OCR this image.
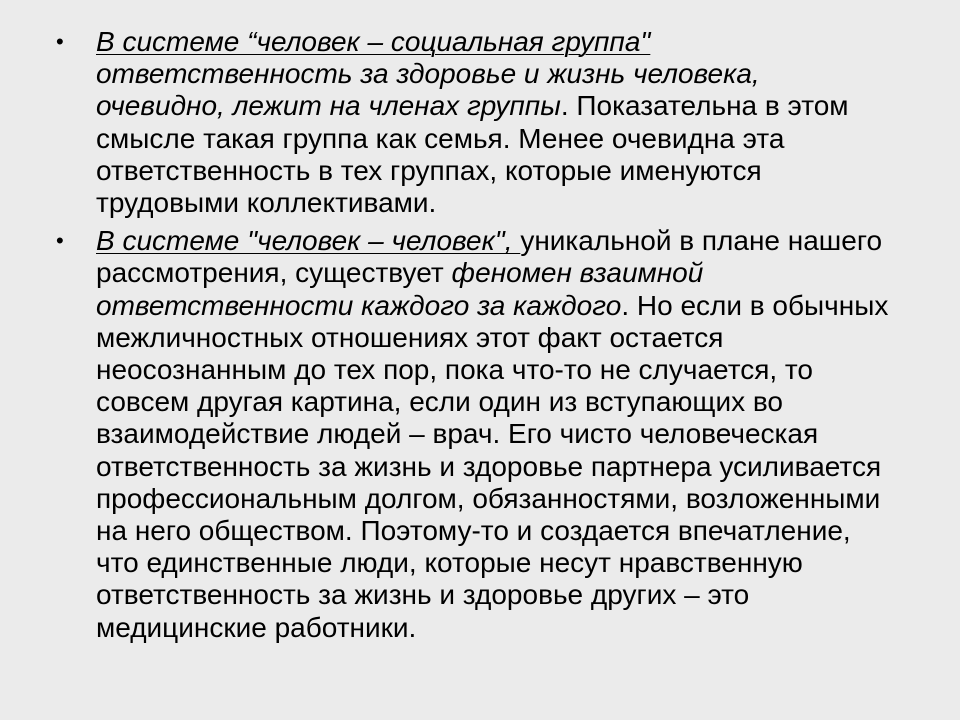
• В системе “человек – социальная группа" ответственность за здоровье и жизнь человека, очевидно, лежит на членах группы. Показательна в этом смысле такая группа как семья. Менее очевидна эта ответственность в тех группах, которые именуются трудовыми коллективами.
• В системе "человек – человек", уникальной в плане нашего рассмотрения, существует феномен взаимной ответственности каждого за каждого. Но если в обычных межличностных отношениях этот факт остается неосознанным до тех пор, пока что-то не случается, то совсем другая картина, если один из вступающих во взаимодействие людей – врач. Его чисто человеческая ответственность за жизнь и здоровье партнера усиливается профессиональным долгом, обязанностями, возложенными на него обществом. Поэтому-то и создается впечатление, что единственные люди, которые несут нравственную ответственность за жизнь и здоровье других – это медицинские работники.
